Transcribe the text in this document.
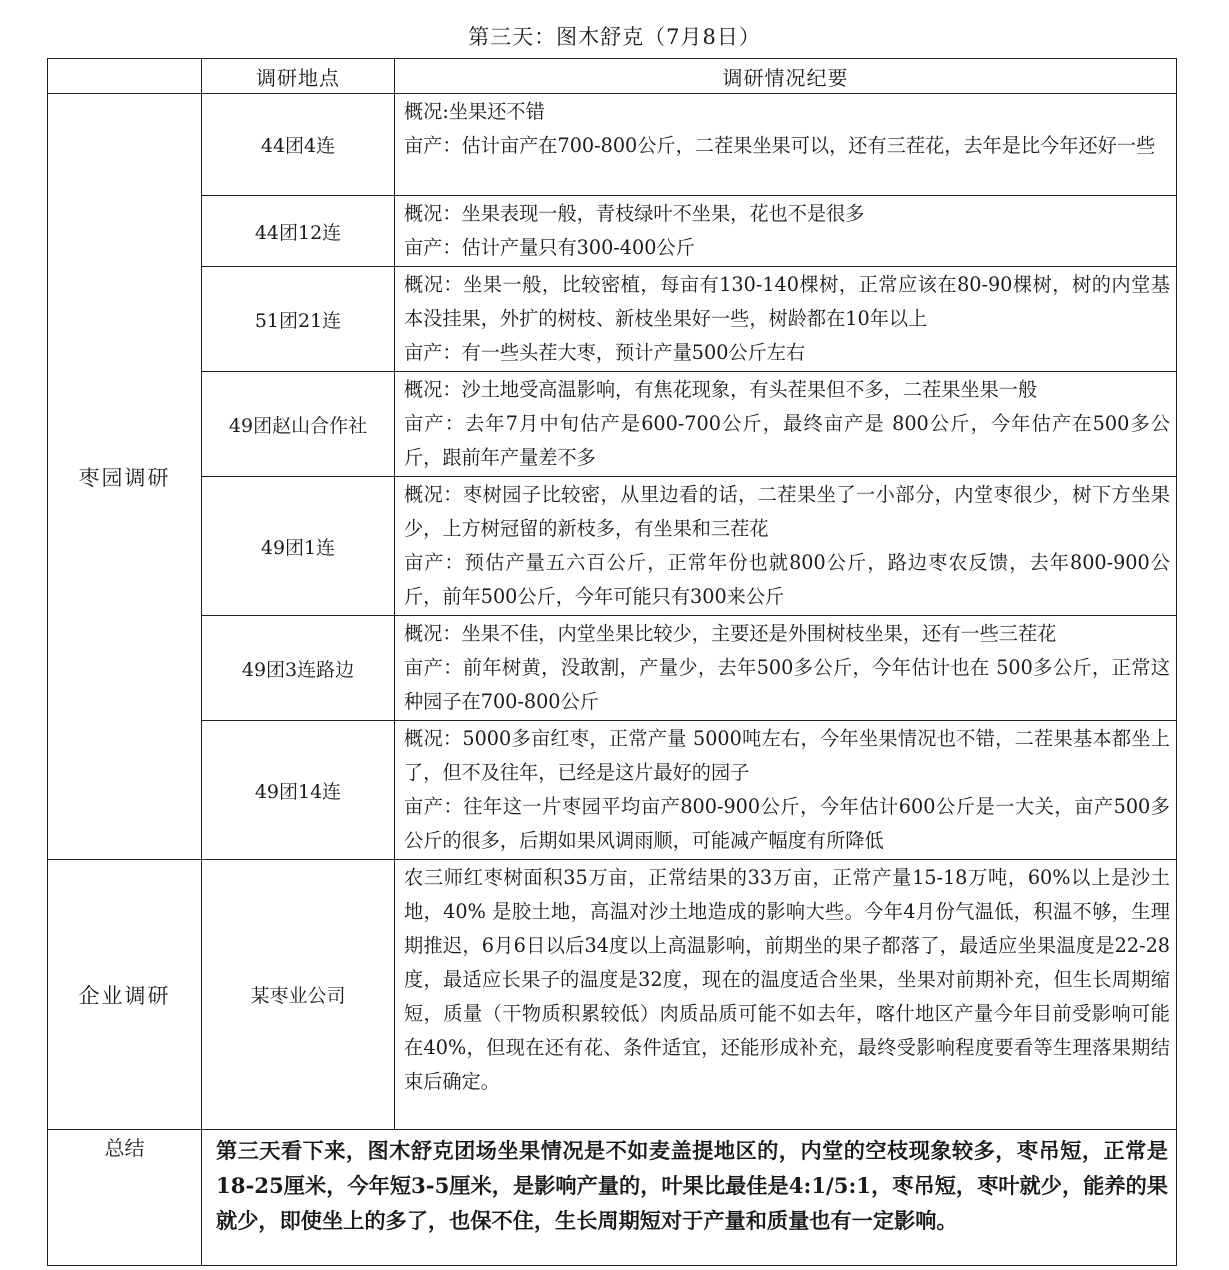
第三天：图木舒克（7月8日）
	调研地点	调研情况纪要
枣园调研	44团4连	概况:坐果还不错
亩产：估计亩产在700-800公斤，二茬果坐果可以，还有三茬花，去年是比今年还好一些

	44团12连	概况：坐果表现一般，青枝绿叶不坐果，花也不是很多
亩产：估计产量只有300-400公斤

	51团21连	概况：坐果一般，比较密植，每亩有130-140棵树，正常应该在80-90棵树，树的内堂基本没挂果，外扩的树枝、新枝坐果好一些，树龄都在10年以上
亩产：有一些头茬大枣，预计产量500公斤左右

	49团赵山合作社	概况：沙土地受高温影响，有焦花现象，有头茬果但不多，二茬果坐果一般
亩产：去年7月中旬估产是600-700公斤，最终亩产是 800公斤，今年估产在500多公斤，跟前年产量差不多

	49团1连	概况：枣树园子比较密，从里边看的话，二茬果坐了一小部分，内堂枣很少，树下方坐果少，上方树冠留的新枝多，有坐果和三茬花
亩产：预估产量五六百公斤，正常年份也就800公斤，路边枣农反馈，去年800-900公斤，前年500公斤，今年可能只有300来公斤

	49团3连路边	概况：坐果不佳，内堂坐果比较少，主要还是外围树枝坐果，还有一些三茬花
亩产：前年树黄，没敢割，产量少，去年500多公斤，今年估计也在 500多公斤，正常这种园子在700-800公斤

	49团14连	概况：5000多亩红枣，正常产量 5000吨左右，今年坐果情况也不错，二茬果基本都坐上了，但不及往年，已经是这片最好的园子
亩产：往年这一片枣园平均亩产800-900公斤，今年估计600公斤是一大关，亩产500多公斤的很多，后期如果风调雨顺，可能减产幅度有所降低

企业调研	某枣业公司	农三师红枣树面积35万亩，正常结果的33万亩，正常产量15-18万吨，60%以上是沙土地，40% 是胶土地，高温对沙土地造成的影响大些。今年4月份气温低，积温不够，生理期推迟，6月6日以后34度以上高温影响，前期坐的果子都落了，最适应坐果温度是22-28度，最适应长果子的温度是32度，现在的温度适合坐果，坐果对前期补充，但生长周期缩短，质量（干物质积累较低）肉质品质可能不如去年，喀什地区产量今年目前受影响可能在40%，但现在还有花、条件适宜，还能形成补充，最终受影响程度要看等生理落果期结束后确定。
总结	第三天看下来，图木舒克团场坐果情况是不如麦盖提地区的，内堂的空枝现象较多，枣吊短，正常是18-25厘米，今年短3-5厘米，是影响产量的，叶果比最佳是4:1/5:1，枣吊短，枣叶就少，能养的果就少，即使坐上的多了，也保不住，生长周期短对于产量和质量也有一定影响。	
